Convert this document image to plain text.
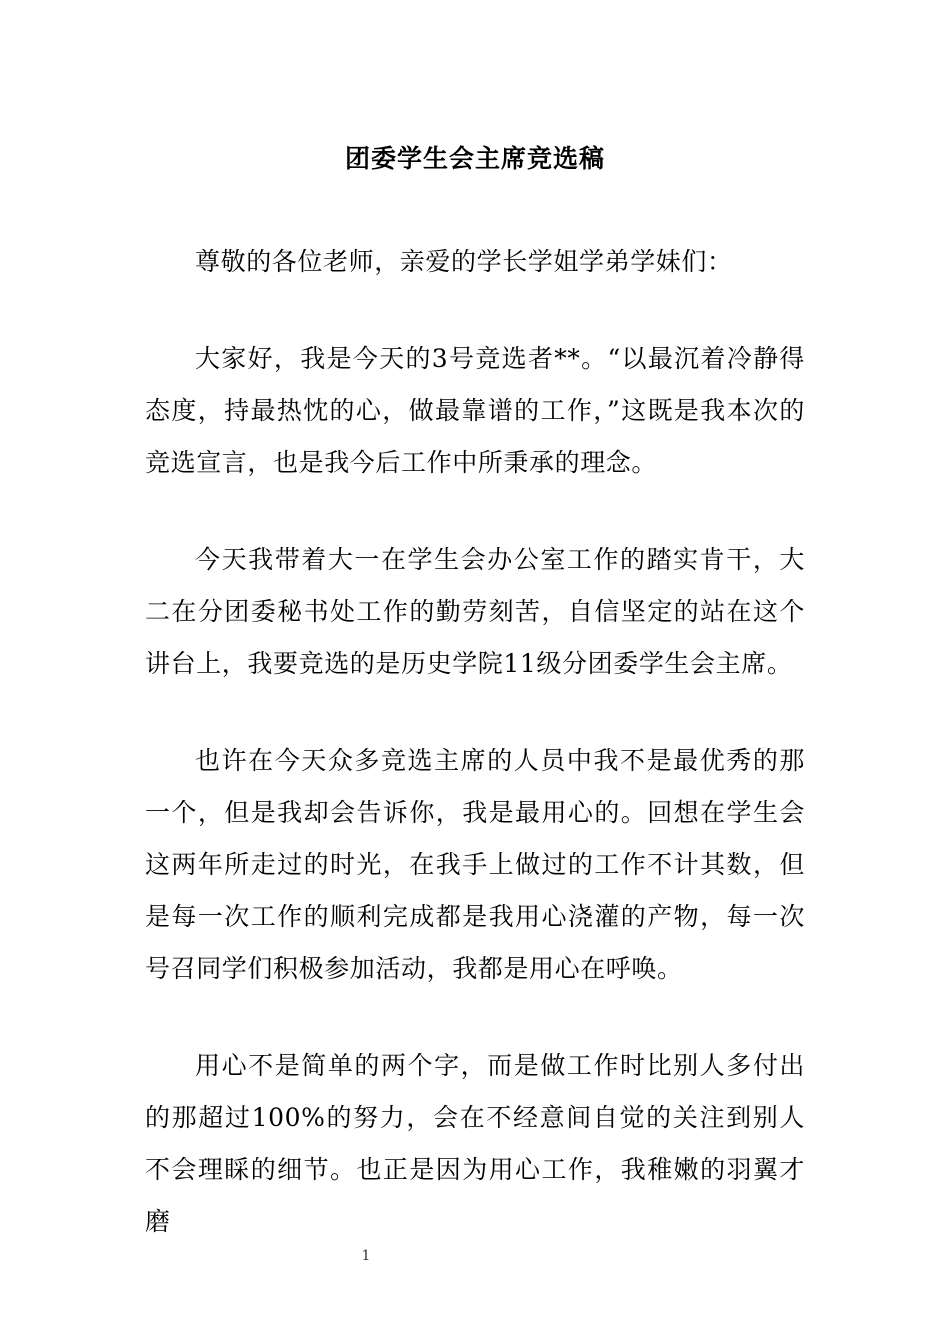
团委学生会主席竞选稿

尊敬的各位老师，亲爱的学长学姐学弟学妹们：

大家好，我是今天的3号竞选者**。“以最沉着冷静得态度，持最热忱的心，做最靠谱的工作，”这既是我本次的竞选宣言，也是我今后工作中所秉承的理念。

今天我带着大一在学生会办公室工作的踏实肯干，大二在分团委秘书处工作的勤劳刻苦，自信坚定的站在这个讲台上，我要竞选的是历史学院11级分团委学生会主席。

也许在今天众多竞选主席的人员中我不是最优秀的那一个，但是我却会告诉你，我是最用心的。回想在学生会这两年所走过的时光，在我手上做过的工作不计其数，但是每一次工作的顺利完成都是我用心浇灌的产物，每一次号召同学们积极参加活动，我都是用心在呼唤。

用心不是简单的两个字，而是做工作时比别人多付出的那超过100%的努力，会在不经意间自觉的关注到别人不会理睬的细节。也正是因为用心工作，我稚嫩的羽翼才磨

1
